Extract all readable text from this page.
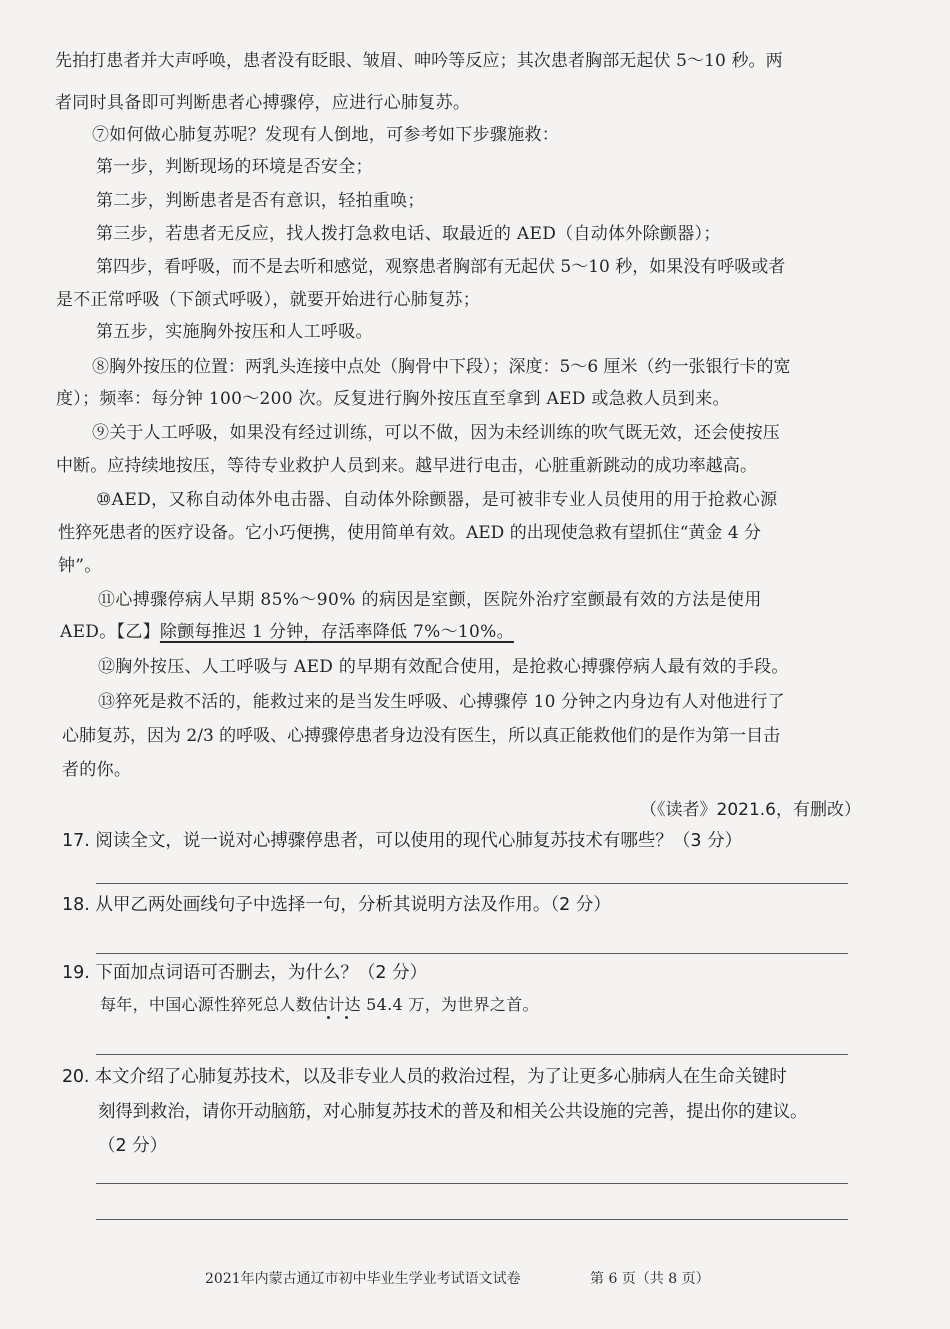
先拍打患者并大声呼唤，患者没有眨眼、皱眉、呻吟等反应；其次患者胸部无起伏 5～10 秒。两
者同时具备即可判断患者心搏骤停，应进行心肺复苏。
⑦如何做心肺复苏呢？发现有人倒地，可参考如下步骤施救：
第一步，判断现场的环境是否安全；
第二步，判断患者是否有意识，轻拍重唤；
第三步，若患者无反应，找人拨打急救电话、取最近的 AED（自动体外除颤器）；
第四步，看呼吸，而不是去听和感觉，观察患者胸部有无起伏 5～10 秒，如果没有呼吸或者
是不正常呼吸（下颌式呼吸），就要开始进行心肺复苏；
第五步，实施胸外按压和人工呼吸。
⑧胸外按压的位置：两乳头连接中点处（胸骨中下段）；深度：5～6 厘米（约一张银行卡的宽
度）；频率：每分钟 100～200 次。反复进行胸外按压直至拿到 AED 或急救人员到来。
⑨关于人工呼吸，如果没有经过训练，可以不做，因为未经训练的吹气既无效，还会使按压
中断。应持续地按压，等待专业救护人员到来。越早进行电击，心脏重新跳动的成功率越高。
⑩AED，又称自动体外电击器、自动体外除颤器，是可被非专业人员使用的用于抢救心源
性猝死患者的医疗设备。它小巧便携，使用简单有效。AED 的出现使急救有望抓住“黄金 4 分
钟”。
⑪心搏骤停病人早期 85%～90% 的病因是室颤，医院外治疗室颤最有效的方法是使用
AED。【乙】除颤每推迟 1 分钟，存活率降低 7%～10%。
⑫胸外按压、人工呼吸与 AED 的早期有效配合使用，是抢救心搏骤停病人最有效的手段。
⑬猝死是救不活的，能救过来的是当发生呼吸、心搏骤停 10 分钟之内身边有人对他进行了
心肺复苏，因为 2/3 的呼吸、心搏骤停患者身边没有医生，所以真正能救他们的是作为第一目击
者的你。
（《读者》2021.6，有删改）
17. 阅读全文，说一说对心搏骤停患者，可以使用的现代心肺复苏技术有哪些？（3 分）
18. 从甲乙两处画线句子中选择一句，分析其说明方法及作用。（2 分）
19. 下面加点词语可否删去，为什么？（2 分）
每年，中国心源性猝死总人数估计达 54.4 万，为世界之首。
20. 本文介绍了心肺复苏技术，以及非专业人员的救治过程，为了让更多心肺病人在生命关键时
刻得到救治，请你开动脑筋，对心肺复苏技术的普及和相关公共设施的完善，提出你的建议。
（2 分）
2021年内蒙古通辽市初中毕业生学业考试语文试卷	第 6 页（共 8 页）
